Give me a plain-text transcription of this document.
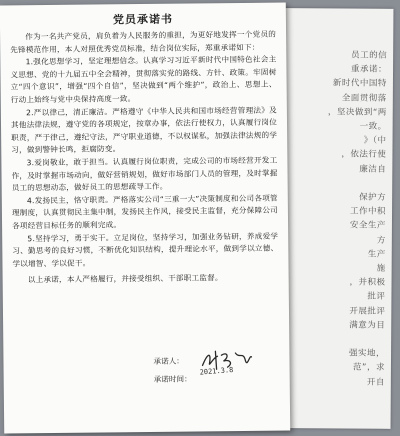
员工的信
重承诺：
新时代中国特
全面贯彻落
，坚决做到“两
一致。
》（中
，依法行使
廉洁自
保护方
工作中积
安全生产
方
生产
施
，并积极
批评
开展批评
满意为目
强实地，
范”，求
开自
党员承诺书

作为一名共产党员，肩负着为人民服务的重担，为更好地发挥一个党员的先锋模范作用，本人对照优秀党员标准，结合岗位实际，郑重承诺如下：

1.强化思想学习，坚定理想信念。认真学习习近平新时代中国特色社会主义思想、党的十九届五中全会精神，贯彻落实党的路线、方针、政策。牢固树立“四个意识”，增强“四个自信”，坚决做到“两个维护”，政治上、思想上、行动上始终与党中央保持高度一致。

2.严以律己，清正廉洁。严格遵守《中华人民共和国市场经营管理法》及其他法律法规，遵守党的各项规定，按章办事，依法行使权力，认真履行岗位职责，严于律己，遵纪守法，严守职业道德，不以权谋私，加强法律法规的学习，做到警钟长鸣，拒腐防变。

3.爱岗敬业，敢于担当。认真履行岗位职责，完成公司的市场经营开发工作，及时掌握市场动向，做好营销规划，做好市场部门人员的管理，及时掌握员工的思想动态，做好员工的思想疏导工作。

4.发扬民主，恪守职责。严格落实公司“三重一大”决策制度和公司各项管理制度，认真贯彻民主集中制，发扬民主作风，接受民主监督，充分保障公司各项经营目标任务的顺利完成。

5.坚持学习，勇于实干。立足岗位，坚持学习，加强业务钻研，养成爱学习、勤思考的良好习惯，不断优化知识结构，提升理论水平，做到学以立德、学以增智、学以促干。

以上承诺，本人严格履行，并接受组织、干部职工监督。

承诺人：
承诺时间：
2021.3.8
